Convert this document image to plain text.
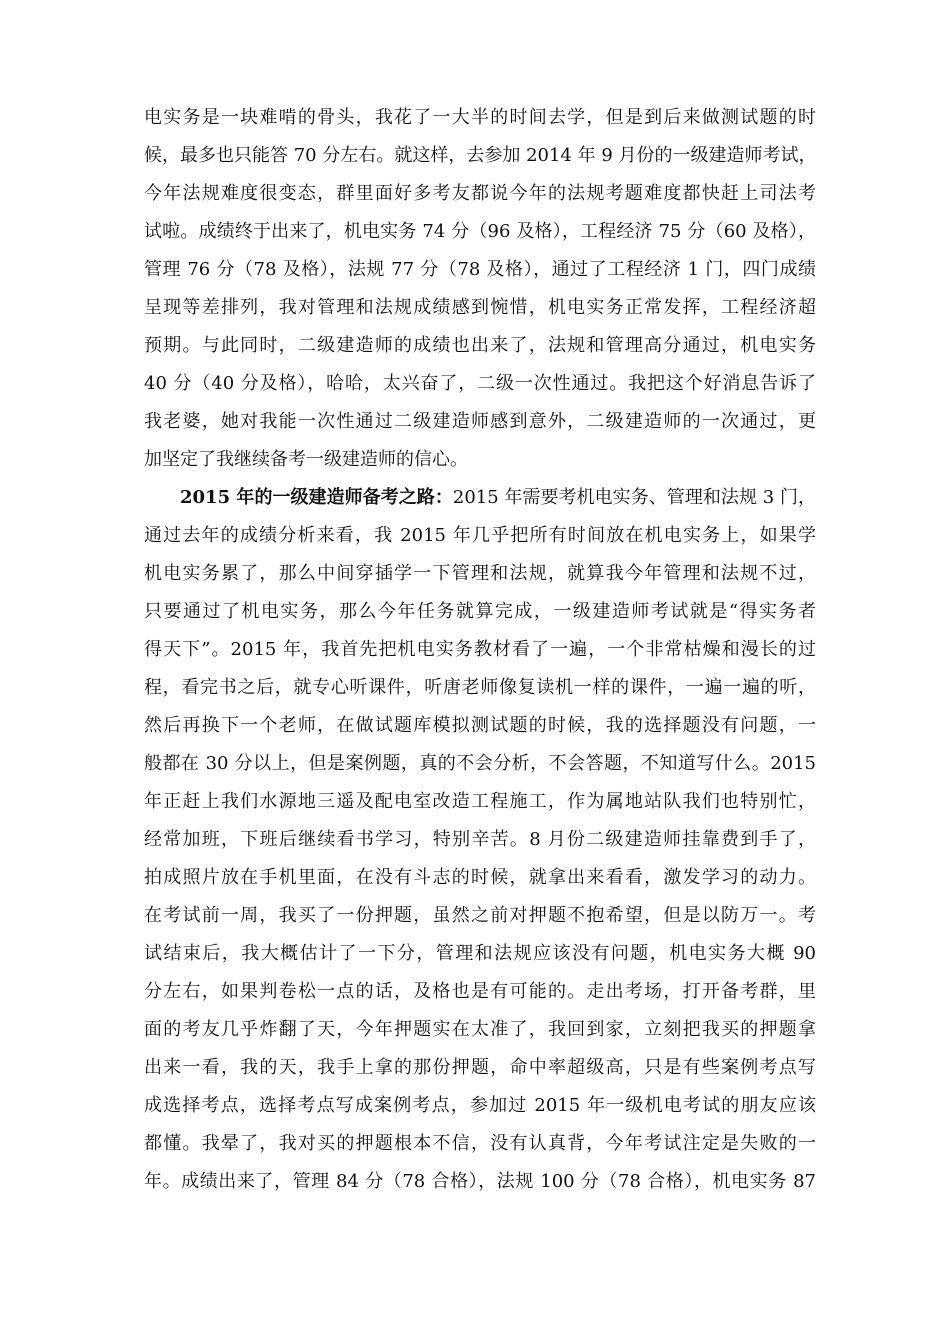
电实务是一块难啃的骨头，我花了一大半的时间去学，但是到后来做测试题的时
候，最多也只能答 70 分左右。就这样，去参加 2014 年 9 月份的一级建造师考试，
今年法规难度很变态，群里面好多考友都说今年的法规考题难度都快赶上司法考
试啦。成绩终于出来了，机电实务 74 分（96 及格），工程经济 75 分（60 及格），
管理 76 分（78 及格），法规 77 分（78 及格），通过了工程经济 1 门，四门成绩
呈现等差排列，我对管理和法规成绩感到惋惜，机电实务正常发挥，工程经济超
预期。与此同时，二级建造师的成绩也出来了，法规和管理高分通过，机电实务
40 分（40 分及格），哈哈，太兴奋了，二级一次性通过。我把这个好消息告诉了
我老婆，她对我能一次性通过二级建造师感到意外，二级建造师的一次通过，更
加坚定了我继续备考一级建造师的信心。
2015 年的一级建造师备考之路：2015 年需要考机电实务、管理和法规 3 门，
通过去年的成绩分析来看，我 2015 年几乎把所有时间放在机电实务上，如果学
机电实务累了，那么中间穿插学一下管理和法规，就算我今年管理和法规不过，
只要通过了机电实务，那么今年任务就算完成，一级建造师考试就是“得实务者
得天下”。2015 年，我首先把机电实务教材看了一遍，一个非常枯燥和漫长的过
程，看完书之后，就专心听课件，听唐老师像复读机一样的课件，一遍一遍的听，
然后再换下一个老师，在做试题库模拟测试题的时候，我的选择题没有问题，一
般都在 30 分以上，但是案例题，真的不会分析，不会答题，不知道写什么。2015
年正赶上我们水源地三遥及配电室改造工程施工，作为属地站队我们也特别忙，
经常加班，下班后继续看书学习，特别辛苦。8 月份二级建造师挂靠费到手了，
拍成照片放在手机里面，在没有斗志的时候，就拿出来看看，激发学习的动力。
在考试前一周，我买了一份押题，虽然之前对押题不抱希望，但是以防万一。考
试结束后，我大概估计了一下分，管理和法规应该没有问题，机电实务大概 90
分左右，如果判卷松一点的话，及格也是有可能的。走出考场，打开备考群，里
面的考友几乎炸翻了天，今年押题实在太准了，我回到家，立刻把我买的押题拿
出来一看，我的天，我手上拿的那份押题，命中率超级高，只是有些案例考点写
成选择考点，选择考点写成案例考点，参加过 2015 年一级机电考试的朋友应该
都懂。我晕了，我对买的押题根本不信，没有认真背，今年考试注定是失败的一
年。成绩出来了，管理 84 分（78 合格），法规 100 分（78 合格），机电实务 87
